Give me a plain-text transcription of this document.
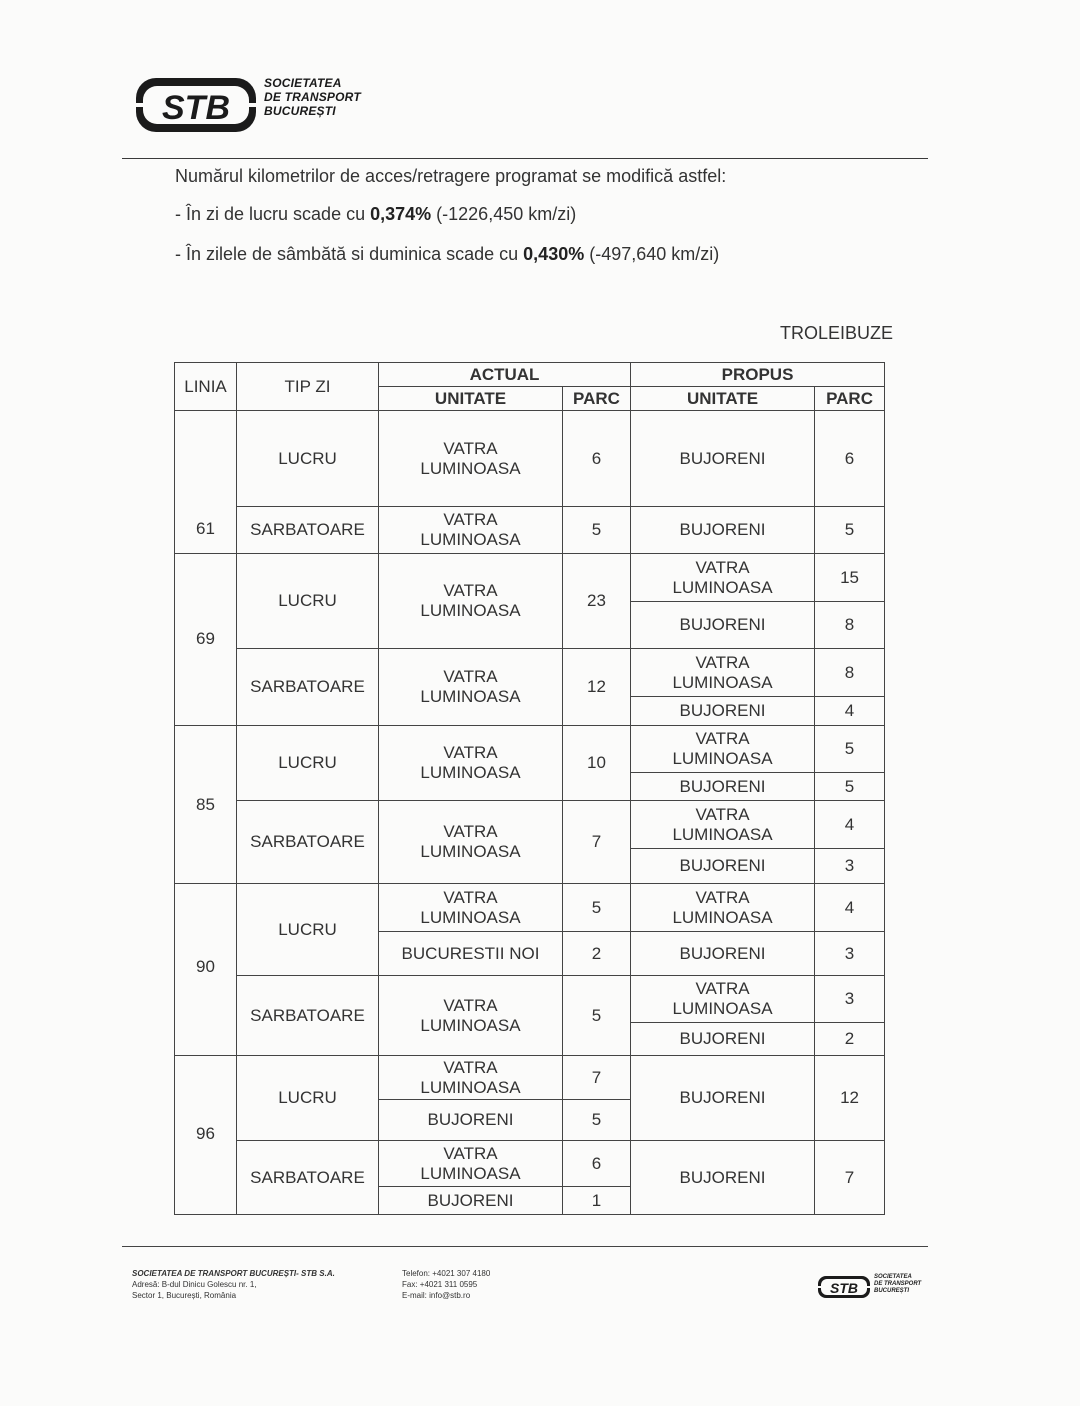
STB
SOCIETATEA
DE TRANSPORT
BUCUREȘTI

Numărul kilometrilor de acces/retragere programat se modifică astfel:

- În zi de lucru scade cu 0,374% (-1226,450 km/zi)

- În zilele de sâmbătă si duminica scade cu 0,430% (-497,640 km/zi)

TROLEIBUZE
LINIA	TIP ZI	ACTUAL		PROPUS	
		UNITATE	PARC	UNITATE	PARC
61	LUCRU	VATRA LUMINOASA	6	BUJORENI	6
	SARBATOARE	VATRA LUMINOASA	5	BUJORENI	5
69	LUCRU	VATRA LUMINOASA	23	VATRA LUMINOASA	15
				BUJORENI	8
	SARBATOARE	VATRA LUMINOASA	12	VATRA LUMINOASA	8
				BUJORENI	4
85	LUCRU	VATRA LUMINOASA	10	VATRA LUMINOASA	5
				BUJORENI	5
	SARBATOARE	VATRA LUMINOASA	7	VATRA LUMINOASA	4
				BUJORENI	3
90	LUCRU	VATRA LUMINOASA	5	VATRA LUMINOASA	4
		BUCURESTII NOI	2	BUJORENI	3
	SARBATOARE	VATRA LUMINOASA	5	VATRA LUMINOASA	3
				BUJORENI	2
96	LUCRU	VATRA LUMINOASA	7	BUJORENI	12
		BUJORENI	5		
	SARBATOARE	VATRA LUMINOASA	6	BUJORENI	7
		BUJORENI	1		
SOCIETATEA DE TRANSPORT BUCUREȘTI- STB S.A.
Adresă: B-dul Dinicu Golescu nr. 1,
Sector 1, București, România
Telefon: +4021 307 4180
Fax: +4021 311 0595
E-mail: info@stb.ro	STB
SOCIETATEA
DE TRANSPORT
BUCUREȘTI
